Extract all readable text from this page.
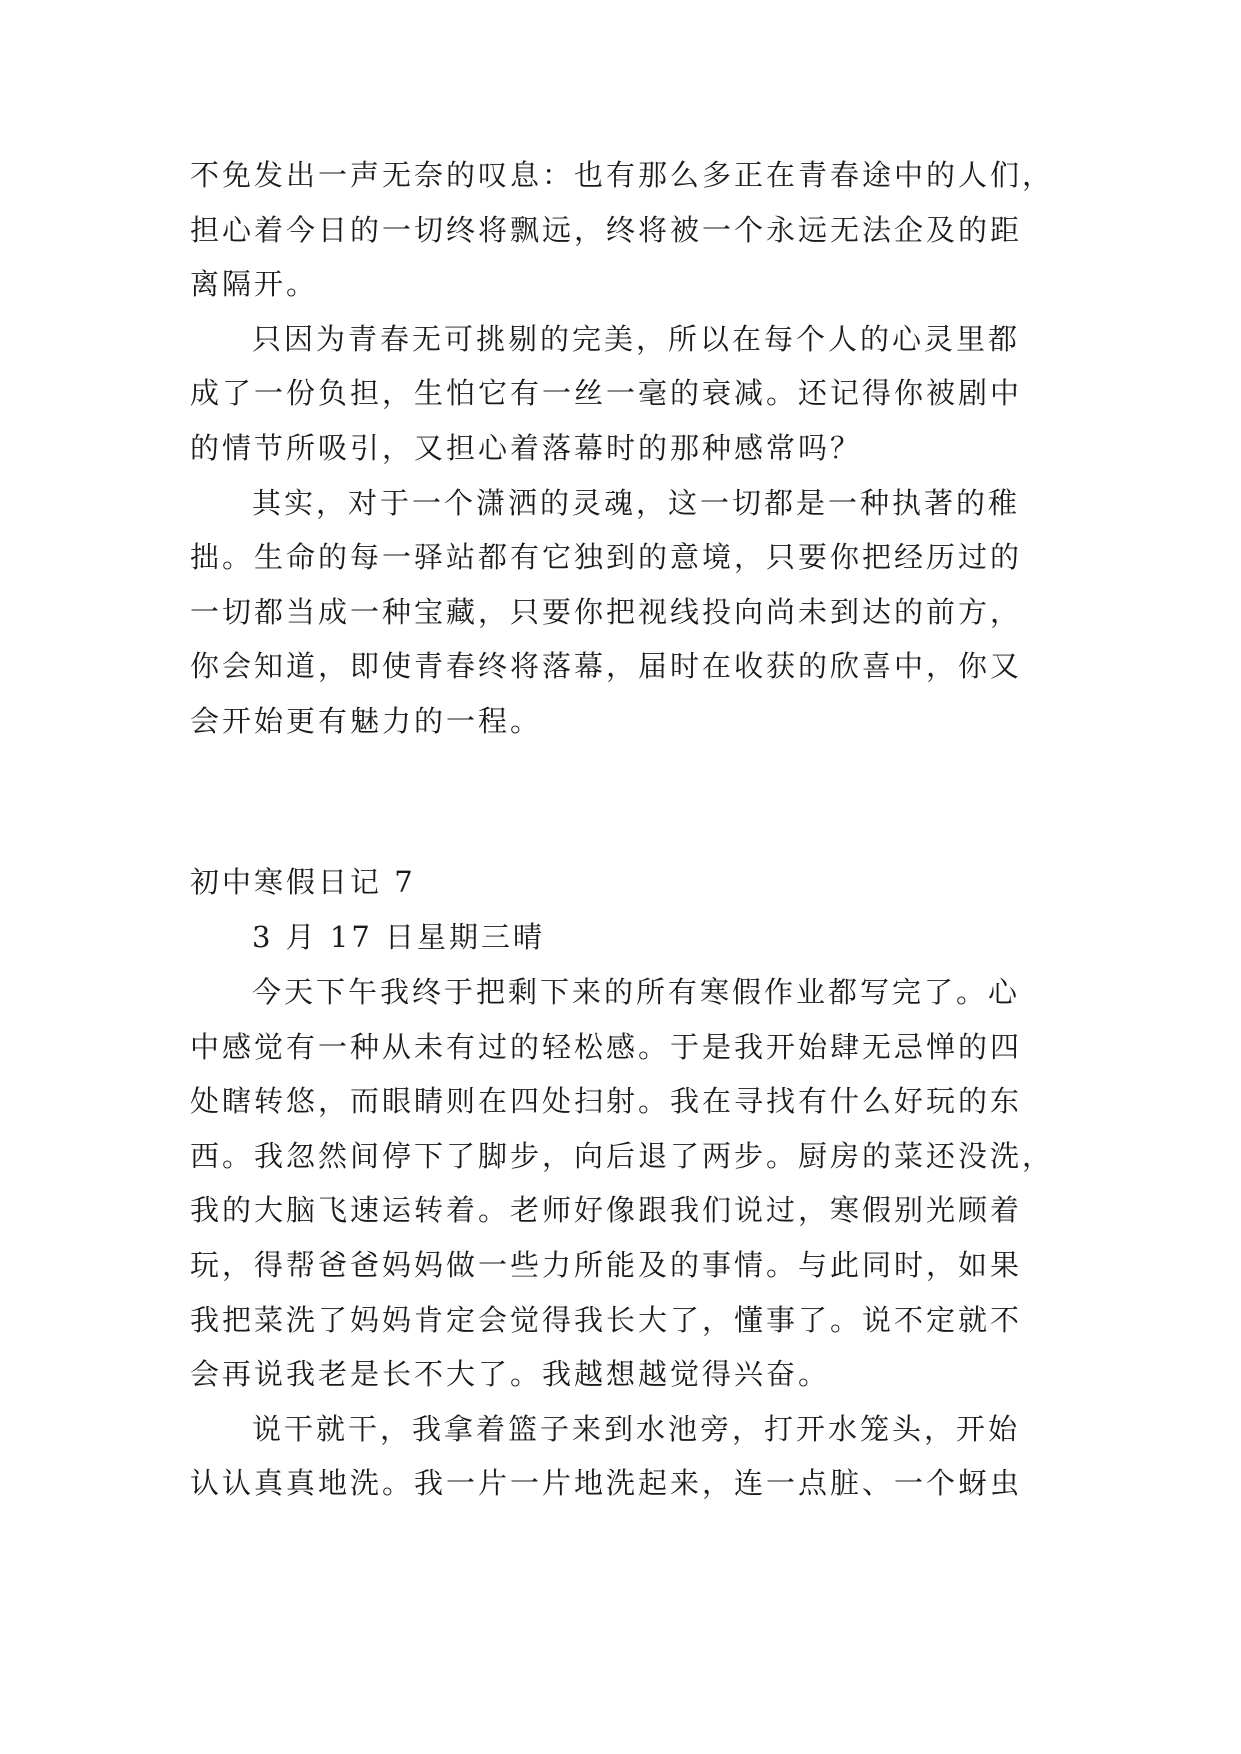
不免发出一声无奈的叹息：也有那么多正在青春途中的人们，
担心着今日的一切终将飘远，终将被一个永远无法企及的距
离隔开。
只因为青春无可挑剔的完美，所以在每个人的心灵里都
成了一份负担，生怕它有一丝一毫的衰减。还记得你被剧中
的情节所吸引，又担心着落幕时的那种感常吗？
其实，对于一个潇洒的灵魂，这一切都是一种执著的稚
拙。生命的每一驿站都有它独到的意境，只要你把经历过的
一切都当成一种宝藏，只要你把视线投向尚未到达的前方，
你会知道，即使青春终将落幕，届时在收获的欣喜中，你又
会开始更有魅力的一程。
初中寒假日记 7
3 月 17 日星期三晴
今天下午我终于把剩下来的所有寒假作业都写完了。心
中感觉有一种从未有过的轻松感。于是我开始肆无忌惮的四
处瞎转悠，而眼睛则在四处扫射。我在寻找有什么好玩的东
西。我忽然间停下了脚步，向后退了两步。厨房的菜还没洗，
我的大脑飞速运转着。老师好像跟我们说过，寒假别光顾着
玩，得帮爸爸妈妈做一些力所能及的事情。与此同时，如果
我把菜洗了妈妈肯定会觉得我长大了，懂事了。说不定就不
会再说我老是长不大了。我越想越觉得兴奋。
说干就干，我拿着篮子来到水池旁，打开水笼头，开始
认认真真地洗。我一片一片地洗起来，连一点脏、一个蚜虫
